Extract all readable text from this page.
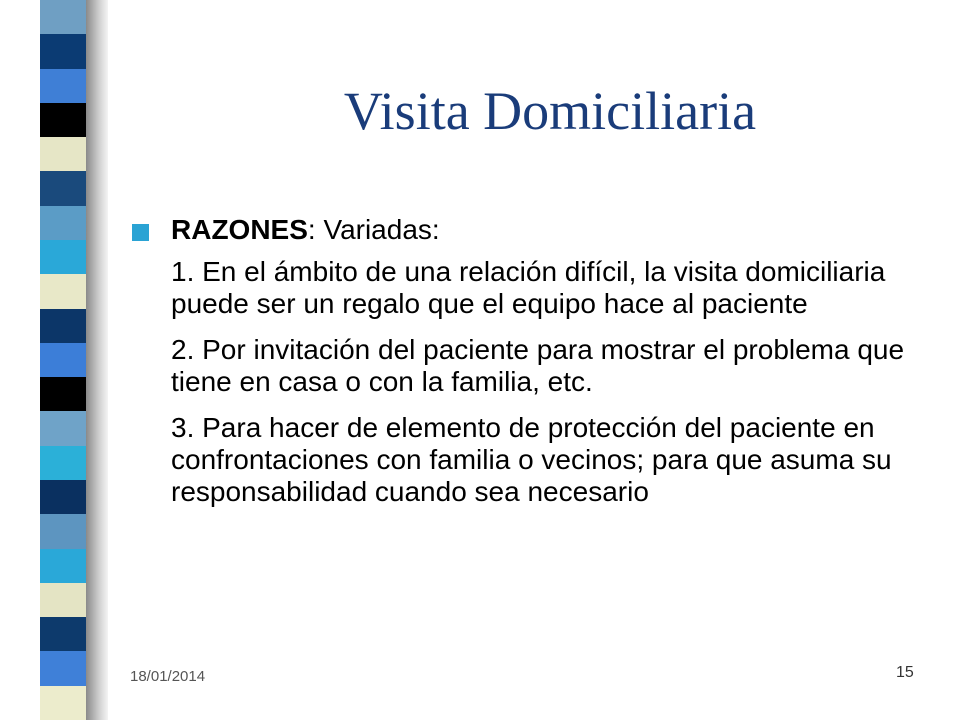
Visita Domiciliaria
RAZONES: Variadas:
1. En el ámbito de una relación difícil, la visita domiciliaria puede ser un regalo que el equipo hace al paciente
2. Por invitación del paciente para mostrar el problema que tiene en casa o con la familia, etc.
3. Para hacer de elemento de protección del paciente en confrontaciones con familia o vecinos; para que asuma su responsabilidad cuando sea necesario
18/01/2014	15
